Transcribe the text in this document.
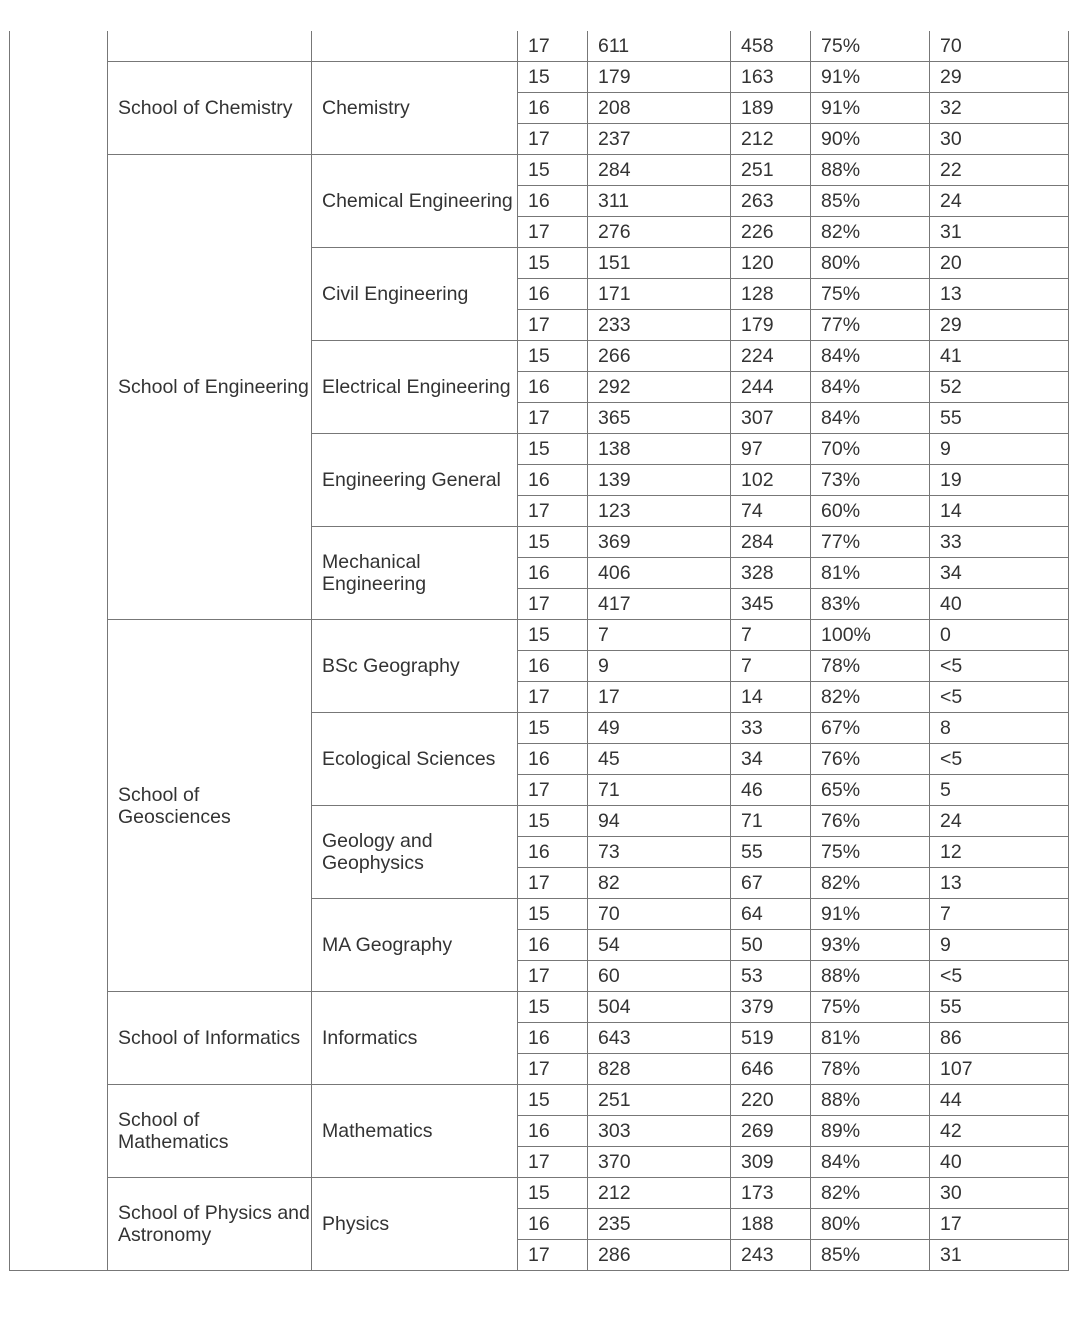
			17	611	458	75%	70
	School of Chemistry	Chemistry	15	179	163	91%	29
			16	208	189	91%	32
			17	237	212	90%	30
	School of Engineering	Chemical Engineering	15	284	251	88%	22
			16	311	263	85%	24
			17	276	226	82%	31
		Civil Engineering	15	151	120	80%	20
			16	171	128	75%	13
			17	233	179	77%	29
		Electrical Engineering	15	266	224	84%	41
			16	292	244	84%	52
			17	365	307	84%	55
		Engineering General	15	138	97	70%	9
			16	139	102	73%	19
			17	123	74	60%	14
		Mechanical Engineering	15	369	284	77%	33
			16	406	328	81%	34
			17	417	345	83%	40
	School of Geosciences	BSc Geography	15	7	7	100%	0
			16	9	7	78%	<5
			17	17	14	82%	<5
		Ecological Sciences	15	49	33	67%	8
			16	45	34	76%	<5
			17	71	46	65%	5
		Geology and Geophysics	15	94	71	76%	24
			16	73	55	75%	12
			17	82	67	82%	13
		MA Geography	15	70	64	91%	7
			16	54	50	93%	9
			17	60	53	88%	<5
	School of Informatics	Informatics	15	504	379	75%	55
			16	643	519	81%	86
			17	828	646	78%	107
	School of Mathematics	Mathematics	15	251	220	88%	44
			16	303	269	89%	42
			17	370	309	84%	40
	School of Physics and Astronomy	Physics	15	212	173	82%	30
			16	235	188	80%	17
			17	286	243	85%	31
